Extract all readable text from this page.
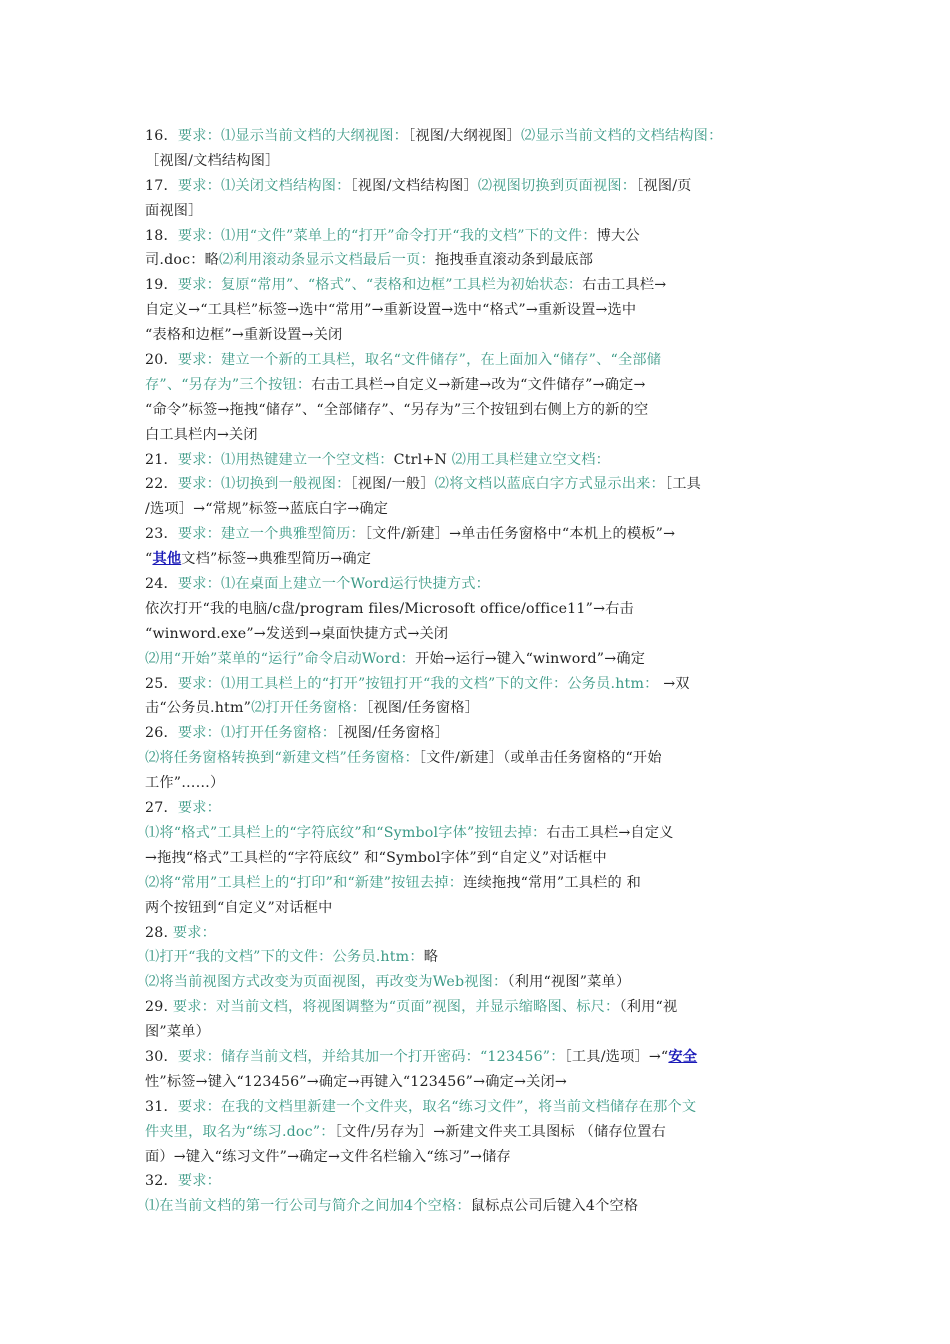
16．要求：⑴显示当前文档的大纲视图：［视图/大纲视图］⑵显示当前文档的文档结构图：
［视图/文档结构图］
17．要求：⑴关闭文档结构图：［视图/文档结构图］⑵视图切换到页面视图：［视图/页
面视图］
18．要求：⑴用“文件”菜单上的“打开”命令打开“我的文档”下的文件：博大公
司.doc：略⑵利用滚动条显示文档最后一页：拖拽垂直滚动条到最底部
19．要求：复原“常用”、“格式”、“表格和边框”工具栏为初始状态：右击工具栏→
自定义→“工具栏”标签→选中“常用”→重新设置→选中“格式”→重新设置→选中
“表格和边框”→重新设置→关闭
20．要求：建立一个新的工具栏，取名“文件储存”，在上面加入“储存”、“全部储
存”、“另存为”三个按钮：右击工具栏→自定义→新建→改为“文件储存”→确定→
“命令”标签→拖拽“储存”、“全部储存”、“另存为”三个按钮到右侧上方的新的空
白工具栏内→关闭
21．要求：⑴用热键建立一个空文档：Ctrl+N ⑵用工具栏建立空文档：
22．要求：⑴切换到一般视图：［视图/一般］⑵将文档以蓝底白字方式显示出来：［工具
/选项］→“常规”标签→蓝底白字→确定
23．要求：建立一个典雅型简历：［文件/新建］→单击任务窗格中“本机上的模板”→
“其他文档”标签→典雅型简历→确定
24．要求：⑴在桌面上建立一个Word运行快捷方式：
依次打开“我的电脑/c盘/program files/Microsoft office/office11”→右击
“winword.exe”→发送到→桌面快捷方式→关闭
⑵用“开始”菜单的“运行”命令启动Word：开始→运行→键入“winword”→确定
25．要求：⑴用工具栏上的“打开”按钮打开“我的文档”下的文件：公务员.htm： →双
击“公务员.htm”⑵打开任务窗格：［视图/任务窗格］
26．要求：⑴打开任务窗格：［视图/任务窗格］
⑵将任务窗格转换到“新建文档”任务窗格：［文件/新建］（或单击任务窗格的“开始
工作”……）
27．要求：
⑴将“格式”工具栏上的“字符底纹”和“Symbol字体”按钮去掉：右击工具栏→自定义
→拖拽“格式”工具栏的“字符底纹” 和“Symbol字体”到“自定义”对话框中
⑵将“常用”工具栏上的“打印”和“新建”按钮去掉：连续拖拽“常用”工具栏的 和
两个按钮到“自定义”对话框中
28. 要求：
⑴打开“我的文档”下的文件：公务员.htm：略
⑵将当前视图方式改变为页面视图，再改变为Web视图：（利用“视图”菜单）
29. 要求：对当前文档，将视图调整为“页面”视图，并显示缩略图、标尺：（利用“视
图”菜单）
30．要求：储存当前文档，并给其加一个打开密码：“123456”：［工具/选项］→“安全
性”标签→键入“123456”→确定→再键入“123456”→确定→关闭→
31．要求：在我的文档里新建一个文件夹，取名“练习文件”，将当前文档储存在那个文
件夹里，取名为“练习.doc”：［文件/另存为］→新建文件夹工具图标 （储存位置右
面）→键入“练习文件”→确定→文件名栏输入“练习”→储存
32．要求：
⑴在当前文档的第一行公司与简介之间加4个空格：鼠标点公司后键入4个空格
